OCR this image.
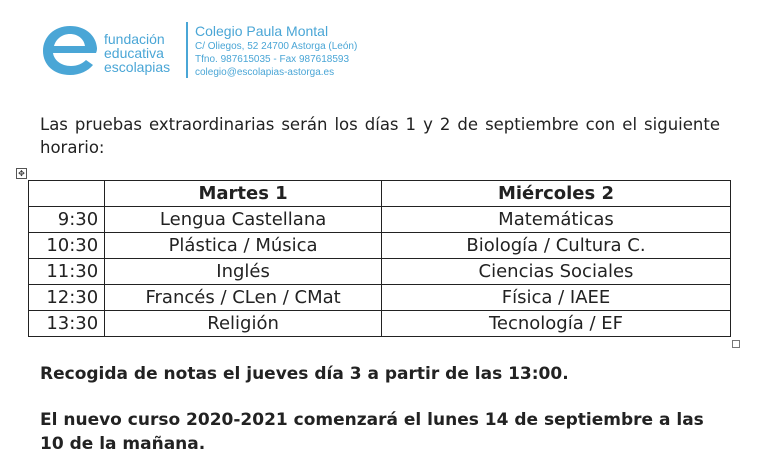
fundación
educativa
escolapias
Colegio Paula Montal
C/ Oliegos, 52 24700 Astorga (León)
Tfno. 987615035 - Fax 987618593
colegio@escolapias-astorga.es
Las pruebas extraordinarias serán los días 1 y 2 de septiembre con el siguiente horario:
✥
	Martes 1	Miércoles 2
9:30	Lengua Castellana	Matemáticas
10:30	Plástica / Música	Biología / Cultura C.
11:30	Inglés	Ciencias Sociales
12:30	Francés / CLen / CMat	Física / IAEE
13:30	Religión	Tecnología / EF
Recogida de notas el jueves día 3 a partir de las 13:00.
El nuevo curso 2020-2021 comenzará el lunes 14 de septiembre a las 10 de la mañana.
